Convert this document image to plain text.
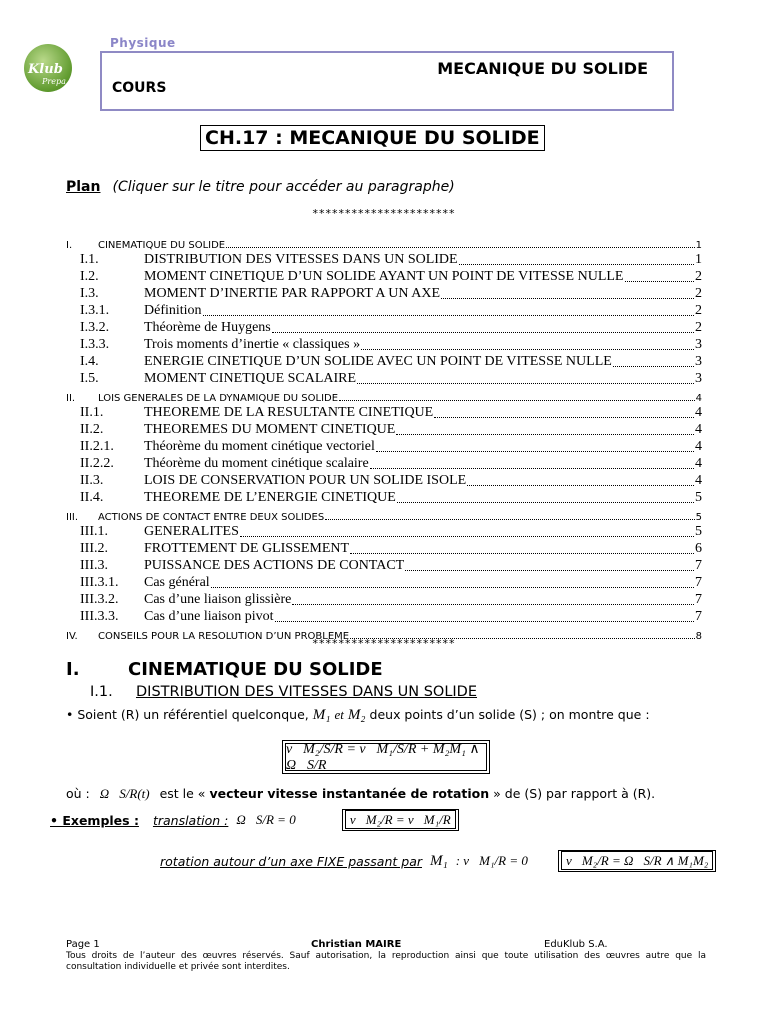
Klub
Prepa
Physique
MECANIQUE DU SOLIDE
COURS
CH.17 : MECANIQUE DU SOLIDE
Plan (Cliquer sur le titre pour accéder au paragraphe)
**********************
I.	CINEMATIQUE DU SOLIDE	1
I.1.	DISTRIBUTION DES VITESSES DANS UN SOLIDE	1
I.2.	MOMENT CINETIQUE D’UN SOLIDE AYANT UN POINT DE VITESSE NULLE	2
I.3.	MOMENT D’INERTIE PAR RAPPORT A UN AXE	2
I.3.1.	Définition	2
I.3.2.	Théorème de Huygens	2
I.3.3.	Trois moments d’inertie « classiques »	3
I.4.	ENERGIE CINETIQUE D’UN SOLIDE AVEC UN POINT DE VITESSE NULLE	3
I.5.	MOMENT CINETIQUE SCALAIRE	3
II.	LOIS GENERALES DE LA DYNAMIQUE DU SOLIDE	4
II.1.	THEOREME DE LA RESULTANTE CINETIQUE	4
II.2.	THEOREMES DU MOMENT CINETIQUE	4
II.2.1.	Théorème du moment cinétique vectoriel	4
II.2.2.	Théorème du moment cinétique scalaire	4
II.3.	LOIS DE CONSERVATION POUR UN SOLIDE ISOLE	4
II.4.	THEOREME DE L’ENERGIE CINETIQUE	5
III.	ACTIONS DE CONTACT ENTRE DEUX SOLIDES	5
III.1.	GENERALITES	5
III.2.	FROTTEMENT DE GLISSEMENT	6
III.3.	PUISSANCE DES ACTIONS DE CONTACT	7
III.3.1.	Cas général	7
III.3.2.	Cas d’une liaison glissière	7
III.3.3.	Cas d’une liaison pivot	7
IV.	CONSEILS POUR LA RESOLUTION D’UN PROBLEME	8
**********************
I.	CINEMATIQUE DU SOLIDE
I.1. DISTRIBUTION DES VITESSES DANS UN SOLIDE
• Soient (R) un référentiel quelconque, M₁ et M₂ deux points d’un solide (S) ; on montre que :
v⃗M₂/S/R = v⃗M₁/S/R + M₂M₁ ∧ Ω⃗S/R
où : Ω⃗S/R(t) est le « vecteur vitesse instantanée de rotation » de (S) par rapport à (R).
• Exemples : translation : Ω⃗S/R = 0⃗	v⃗M₂/R = v⃗M₁/R
rotation autour d’un axe FIXE passant par M₁ : v⃗M₁/R = 0⃗	v⃗M₂/R = Ω⃗S/R ∧ M₁M₂
Page 1	Christian MAIRE	EduKlub S.A.
Tous droits de l’auteur des œuvres réservés. Sauf autorisation, la reproduction ainsi que toute utilisation des œuvres autre que la consultation individuelle et privée sont interdites.
